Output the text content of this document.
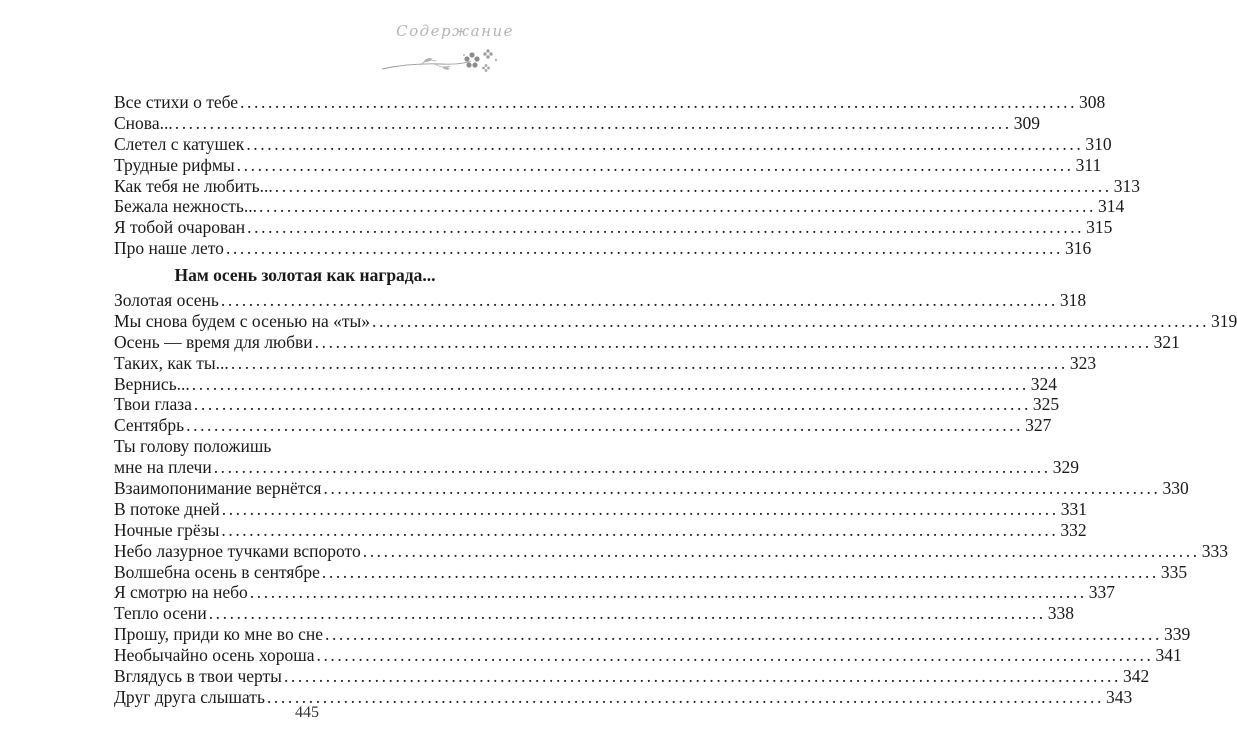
Содержание
Все стихи о тебе ........................................................................................................................ 308
Снова... ........................................................................................................................ 309
Слетел с катушек ........................................................................................................................ 310
Трудные рифмы ........................................................................................................................ 311
Как тебя не любить... ........................................................................................................................ 313
Бежала нежность... ........................................................................................................................ 314
Я тобой очарован ........................................................................................................................ 315
Про наше лето ........................................................................................................................ 316
Нам осень золотая как награда...
Золотая осень ........................................................................................................................ 318
Мы снова будем с осенью на «ты» ........................................................................................................................ 319
Осень — время для любви ........................................................................................................................ 321
Таких, как ты... ........................................................................................................................ 323
Вернись... ........................................................................................................................ 324
Твои глаза ........................................................................................................................ 325
Сентябрь ........................................................................................................................ 327
Ты голову положишь
мне на плечи ........................................................................................................................ 329
Взаимопонимание вернётся ........................................................................................................................ 330
В потоке дней ........................................................................................................................ 331
Ночные грёзы ........................................................................................................................ 332
Небо лазурное тучками вспорото ........................................................................................................................ 333
Волшебна осень в сентябре ........................................................................................................................ 335
Я смотрю на небо ........................................................................................................................ 337
Тепло осени ........................................................................................................................ 338
Прошу, приди ко мне во сне ........................................................................................................................ 339
Необычайно осень хороша ........................................................................................................................ 341
Вглядусь в твои черты ........................................................................................................................ 342
Друг друга слышать ........................................................................................................................ 343
445
